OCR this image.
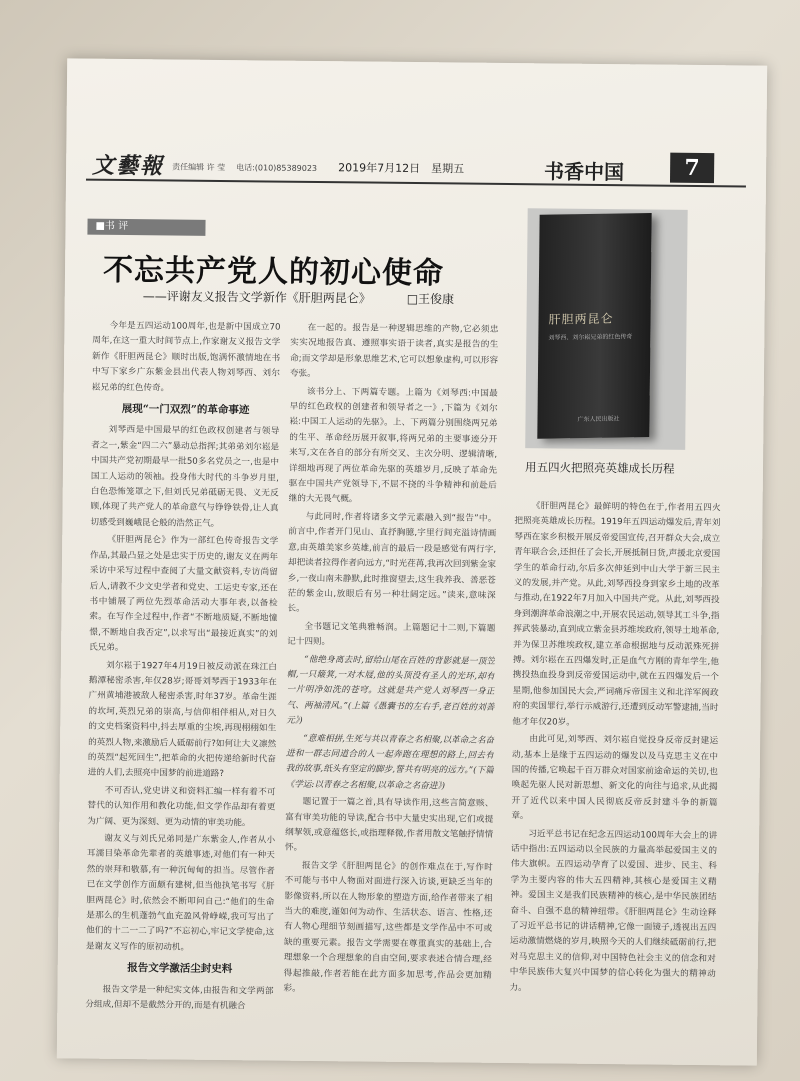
文藝報 责任编辑 许 莹 电话:(010)85389023 2019年7月12日　星期五	书香中国	7
■书 评
不忘共产党人的初心使命
——评谢友义报告文学新作《肝胆两昆仑》	□王俊康
肝胆两昆仑
刘琴西、刘尔崧兄弟的红色传奇
广东人民出版社
用五四火把照亮英雄成长历程

今年是五四运动100周年,也是新中国成立70周年,在这一重大时间节点上,作家谢友义报告文学新作《肝胆两昆仑》顺时出版,饱满怀激情地在书中写下家乡广东紫金县出代表人物刘琴西、刘尔崧兄弟的红色传奇。

展现“一门双烈”的革命事迹

刘琴西是中国最早的红色政权创建者与领导者之一,紫金“四二六”暴动总指挥;其弟弟刘尔崧是中国共产党初期最早一批50多名党员之一,也是中国工人运动的领袖。投身伟大时代的斗争岁月里,白色恐怖笼罩之下,但刘氏兄弟砥砺无畏、义无反顾,体现了共产党人的革命意气与铮铮铁骨,让人真切感受到巍峨昆仑般的浩然正气。

《肝胆两昆仑》作为一部红色传奇报告文学作品,其最凸显之处是忠实于历史的,谢友义在两年采访中采写过程中查阅了大量文献资料,专访尚留后人,请教不少文史学者和党史、工运史专家,还在书中铺展了两位先烈革命活动大事年表,以备检索。在写作全过程中,作者“不断地质疑,不断地憧憬,不断地自我否定”,以求写出“最接近真实”的刘氏兄弟。

刘尔崧于1927年4月19日被反动派在珠江白鹅潭秘密杀害,年仅28岁;哥哥刘琴西于1933年在广州黄埔港被敌人秘密杀害,时年37岁。革命生涯的坎坷,英烈兄弟的崇高,与信仰相伴相从,对日久的文史档案资料中,抖去厚重的尘埃,再现栩栩如生的英烈人物,来激励后人砥砺前行?如何让大义凛然的英烈“起死回生”,把革命的火把传递给新时代奋进的人们,去照亮中国梦的前进道路?

不可否认,党史讲义和资料汇编一样有着不可替代的认知作用和教化功能,但文学作品却有着更为广阔、更为深刻、更为动情的审美功能。

谢友义与刘氏兄弟同是广东紫金人,作者从小耳濡目染革命先辈者的英雄事迹,对他们有一种天然的崇拜和敬慕,有一种沉甸甸的担当。尽管作者已在文学创作方面颇有建树,但当他执笔书写《肝胆两昆仑》时,依然会不断叩问自己:“他们的生命是那么的生机蓬勃气血充盈风骨峥嵘,我可写出了他们的十二一二了吗?”不忘初心,牢记文学使命,这是谢友义写作的原初动机。

报告文学激活尘封史料

报告文学是一种纪实文体,由报告和文学两部分组成,但却不是截然分开的,而是有机融合

在一起的。报告是一种逻辑思维的产物,它必须忠实实况地报告真、遵照事实语于读者,真实是报告的生命;而文学却是形象思维艺术,它可以想象虚构,可以形容夸张。

该书分上、下两篇专题。上篇为《刘琴西:中国最早的红色政权的创建者和领导者之一》,下篇为《刘尔崧:中国工人运动的先驱》。上、下两篇分别围绕两兄弟的生平、革命经历展开叙事,将两兄弟的主要事迹分开来写,文在各自的部分有所交叉、主次分明、逻辑清晰,详细地再现了两位革命先驱的英雄岁月,反映了革命先驱在中国共产党领导下,不屈不挠的斗争精神和前赴后继的大无畏气概。

与此同时,作者将诸多文学元素融入到“报告”中。前言中,作者开门见山、直抒胸臆,字里行间充溢诗情画意,由英雄美家乡英雄,前言的最后一段是感觉有两行字,却把读者拉得作者向远方,“时光荏苒,我再次回到紫金家乡,一夜山南未静默,此时推窗望去,这生我养我、善恶苍茫的紫金山,放眼后有另一种壮阔定远。”读来,意味深长。

全书题记文笔典雅畅润。上篇题记十二则,下篇题记十四则。

“他绝身离去时,留给山尾在百姓的背影就是一顶笠帽,一只簸箕,一对木屐,他的头顶没有圣人的光环,却有一片明净如洗的苍穹。这就是共产党人刘琴西一身正气、两袖清风。”(上篇《愚囊书的左右手,老百姓的刘善元》)

“意难相拼,生死与共以青春之名相聚,以革命之名奋进和一群志同道合的人一起奔跑在理想的路上,回去有我的故事,纸头有坚定的脚步,誓共有明亮的远方。”(下篇《学运:以青春之名相聚,以革命之名奋进》)

题记置于一篇之首,具有导读作用,这些言简意赅、富有审美功能的导读,配合书中大量史实出现,它们或提纲挈领,或意蕴悠长,或指理释微,作者用散文笔触抒情情怀。

报告文学《肝胆两昆仑》的创作难点在于,写作时不可能与书中人物面对面进行深入访谈,更缺乏当年的影像资料,所以在人物形象的塑造方面,给作者带来了相当大的难度,谨如何为动作、生活状态、语言、性格,还有人物心理细节刻画描写,这些都是文学作品中不可或缺的重要元素。报告文学需要在尊重真实的基础上,合理想象一个合理想象的自由空间,要求表述合情合理,经得起推敲,作者若能在此方面多加思考,作品会更加精彩。

《肝胆两昆仑》最鲜明的特色在于,作者用五四火把照亮英雄成长历程。1919年五四运动爆发后,青年刘琴西在家乡积极开展反帝爱国宣传,召开群众大会,成立青年联合会,还担任了会长,开展抵制日货,声援北京爱国学生的革命行动,尔后多次伸延到中山大学于新三民主义的发展,并产党。从此,刘琴西投身到家乡土地的改革与推动,在1922年7月加入中国共产党。从此,刘琴西投身到潮湃革命浪潮之中,开展农民运动,领导其工斗争,指挥武装暴动,直到成立紫金县苏维埃政府,领导土地革命,并为保卫苏维埃政权,建立革命根据地与反动派殊死拼搏。刘尔崧在五四爆发时,正是血气方刚的青年学生,他携投热血投身到反帝爱国运动中,就在五四爆发后一个星期,他参加国民大会,严词痛斥帝国主义和北洋军阀政府的卖国罪行,举行示威游行,还遭到反动军警逮捕,当时他才年仅20岁。

由此可见,刘琴西、刘尔崧自觉投身反帝反封建运动,基本上是缘于五四运动的爆发以及马克思主义在中国的传播,它唤起千百万群众对国家前途命运的关切,也唤起先驱人民对新思想、新文化的向往与追求,从此揭开了近代以来中国人民彻底反帝反封建斗争的新篇章。

习近平总书记在纪念五四运动100周年大会上的讲话中指出:五四运动以全民族的力量高举起爱国主义的伟大旗帜。五四运动孕育了以爱国、进步、民主、科学为主要内容的伟大五四精神,其核心是爱国主义精神。爱国主义是我们民族精神的核心,是中华民族团结奋斗、自强不息的精神纽带。《肝胆两昆仑》生动诠释了习近平总书记的讲话精神,它像一面镜子,透视出五四运动激情燃烧的岁月,映照今天的人们继续砥砺前行,把对马克思主义的信仰,对中国特色社会主义的信念和对中华民族伟大复兴中国梦的信心转化为强大的精神动力。
